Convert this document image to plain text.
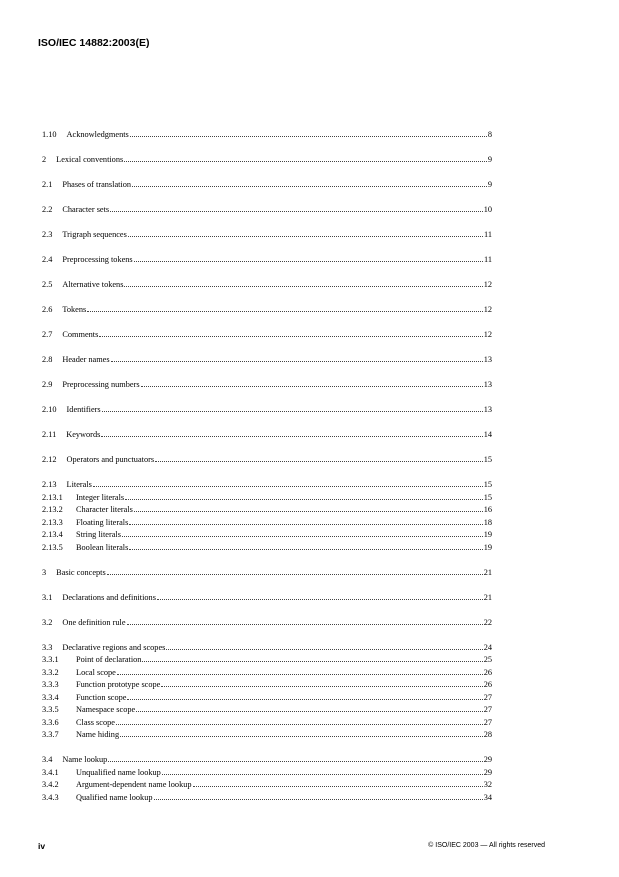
ISO/IEC 14882:2003(E)
1.10 Acknowledgments	8
2 Lexical conventions	9
2.1 Phases of translation	9
2.2 Character sets	10
2.3 Trigraph sequences	11
2.4 Preprocessing tokens	11
2.5 Alternative tokens	12
2.6 Tokens	12
2.7 Comments	12
2.8 Header names	13
2.9 Preprocessing numbers	13
2.10 Identifiers	13
2.11 Keywords	14
2.12 Operators and punctuators	15
2.13 Literals	15
2.13.1	Integer literals	15
2.13.2	Character literals	16
2.13.3	Floating literals	18
2.13.4	String literals	19
2.13.5	Boolean literals	19
3 Basic concepts	21
3.1 Declarations and definitions	21
3.2 One definition rule	22
3.3 Declarative regions and scopes	24
3.3.1	Point of declaration	25
3.3.2	Local scope	26
3.3.3	Function prototype scope	26
3.3.4	Function scope	27
3.3.5	Namespace scope	27
3.3.6	Class scope	27
3.3.7	Name hiding	28
3.4 Name lookup	29
3.4.1	Unqualified name lookup	29
3.4.2	Argument-dependent name lookup	32
3.4.3	Qualified name lookup	34
iv	© ISO/IEC 2003 — All rights reserved
